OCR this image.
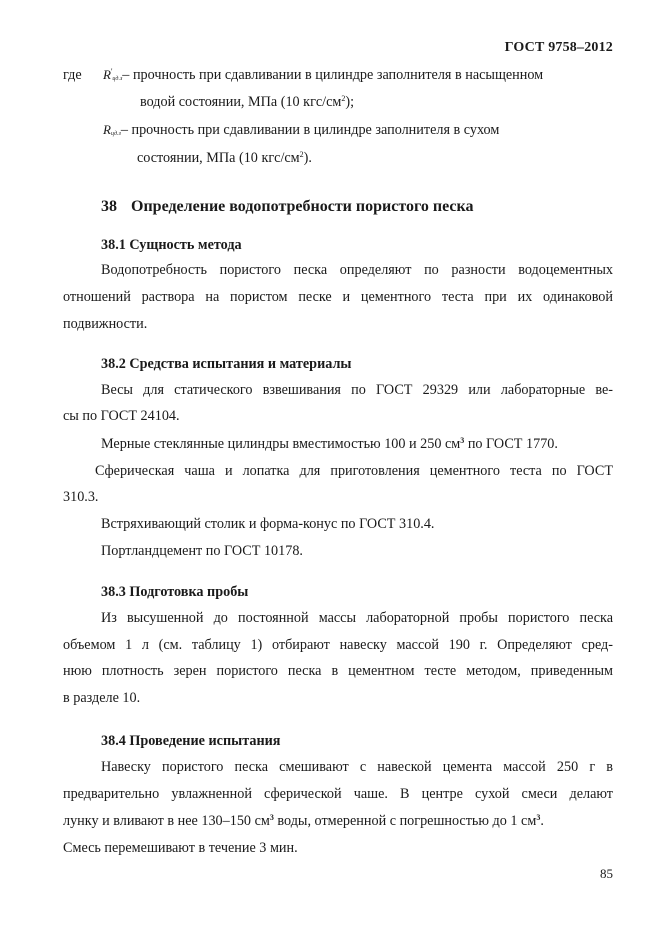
ГОСТ 9758–2012
где R'цд.з– прочность при сдавливании в цилиндре заполнителя в насыщенном
водой состоянии, МПа (10 кгс/$см^2$);
Rцд.з– прочность при сдавливании в цилиндре заполнителя в сухом
состоянии, МПа (10 кгс/$см^2$).
38 Определение водопотребности пористого песка
38.1 Сущность метода
Водопотребность пористого песка определяют по разности водоцементных
отношений раствора на пористом песке и цементного теста при их одинаковой
подвижности.
38.2 Средства испытания и материалы
Весы для статического взвешивания по ГОСТ 29329 или лабораторные ве-
сы по ГОСТ 24104.
Мерные стеклянные цилиндры вместимостью 100 и 250 $см^3$ по ГОСТ 1770.
Сферическая чаша и лопатка для приготовления цементного теста по ГОСТ
310.3.
Встряхивающий столик и форма-конус по ГОСТ 310.4.
Портландцемент по ГОСТ 10178.
38.3 Подготовка пробы
Из высушенной до постоянной массы лабораторной пробы пористого песка
объемом 1 л (см. таблицу 1) отбирают навеску массой 190 г. Определяют сред-
нюю плотность зерен пористого песка в цементном тесте методом, приведенным
в разделе 10.
38.4 Проведение испытания
Навеску пористого песка смешивают с навеской цемента массой 250 г в
предварительно увлажненной сферической чаше. В центре сухой смеси делают
лунку и вливают в нее 130–150 $см^3$ воды, отмеренной с погрешностью до 1 $см^3$.
Смесь перемешивают в течение 3 мин.
85
